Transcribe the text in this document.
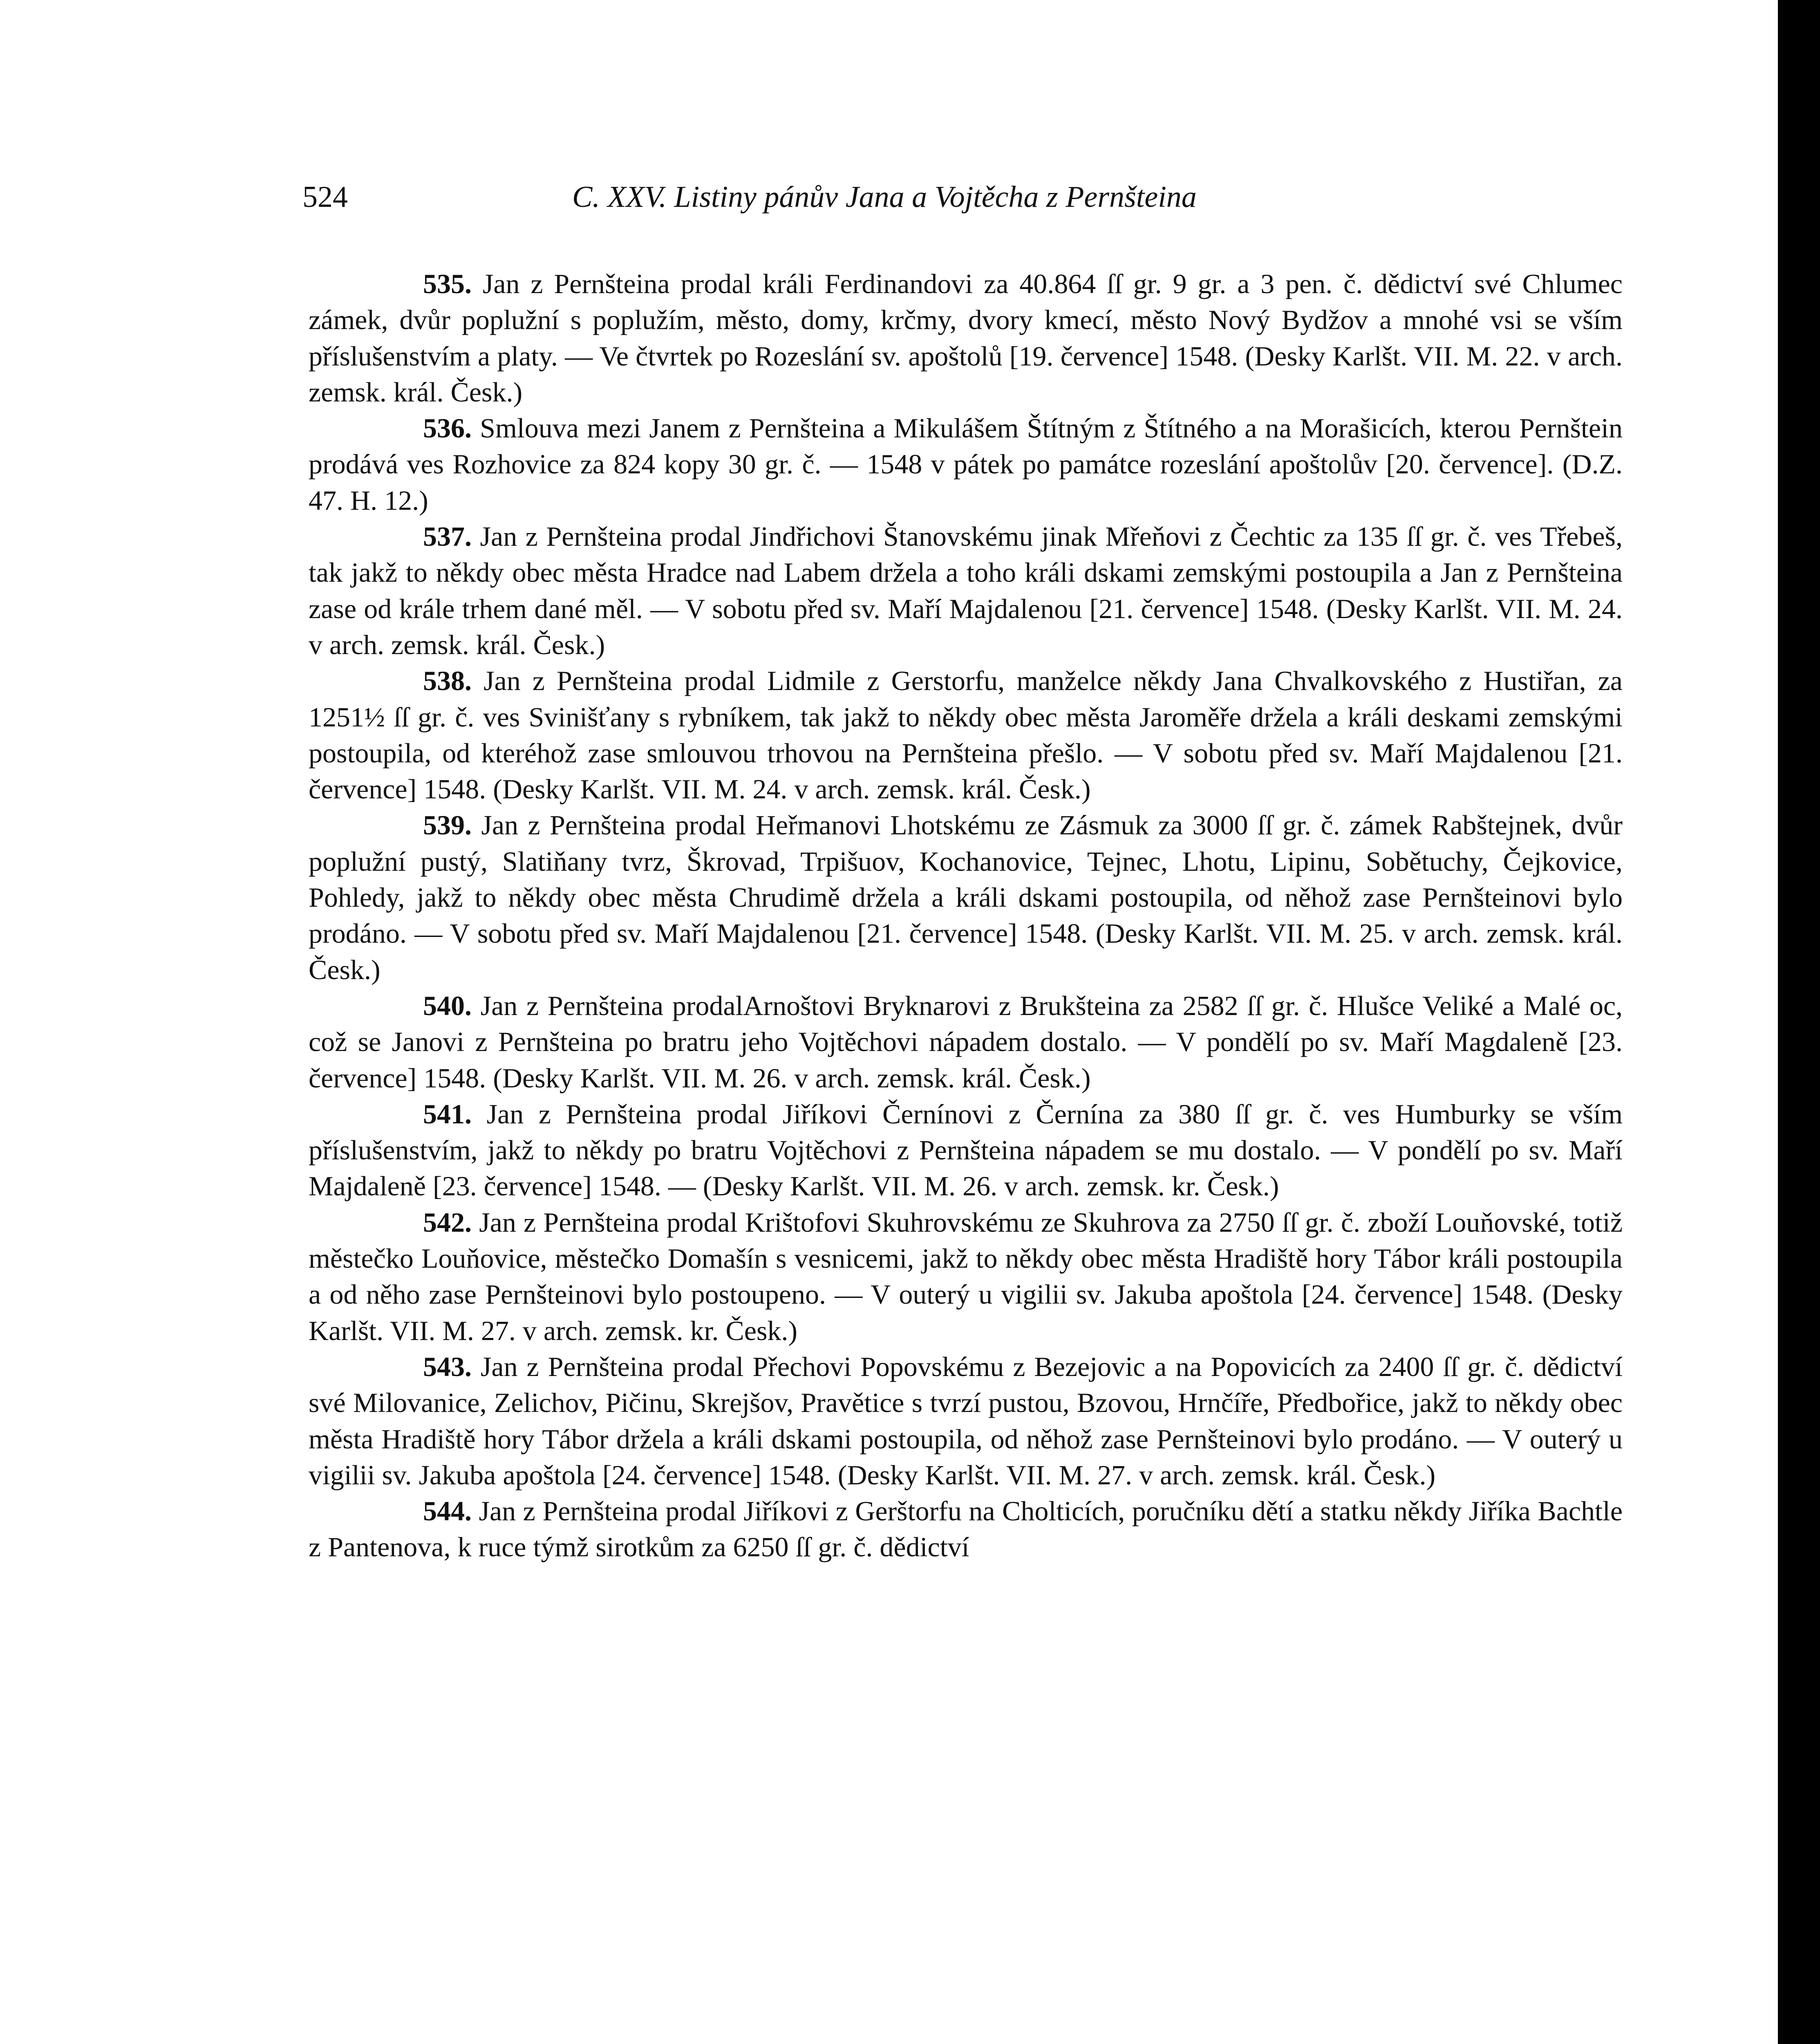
524	C. XXV. Listiny pánův Jana a Vojtěcha z Pernšteina

535. Jan z Pernšteina prodal králi Ferdinandovi za 40.864 ſſ gr. 9 gr. a 3 pen. č. dědictví své Chlumec zámek, dvůr poplužní s poplužím, město, domy, krčmy, dvory kmecí, město Nový Bydžov a mnohé vsi se vším příslušenstvím a platy. — Ve čtvrtek po Rozeslání sv. apoštolů [19. července] 1548. (Desky Karlšt. VII. M. 22. v arch. zemsk. král. Česk.)

536. Smlouva mezi Janem z Pernšteina a Mikulášem Štítným z Štítného a na Morašicích, kterou Pernštein prodává ves Rozhovice za 824 kopy 30 gr. č. — 1548 v pátek po památce rozeslání apoštolův [20. července]. (D.Z. 47. H. 12.)

537. Jan z Pernšteina prodal Jindřichovi Štanovskému jinak Mřeňovi z Čechtic za 135 ſſ gr. č. ves Třebeš, tak jakž to někdy obec města Hradce nad Labem držela a toho králi dskami zemskými postoupila a Jan z Pernšteina zase od krále trhem dané měl. — V sobotu před sv. Maří Majdalenou [21. července] 1548. (Desky Karlšt. VII. M. 24. v arch. zemsk. král. Česk.)

538. Jan z Pernšteina prodal Lidmile z Gerstorfu, manželce někdy Jana Chvalkovského z Hustiřan, za 1251½ ſſ gr. č. ves Svinišťany s rybníkem, tak jakž to někdy obec města Jaroměře držela a králi deskami zemskými postoupila, od kteréhož zase smlouvou trhovou na Pernšteina přešlo. — V sobotu před sv. Maří Majdalenou [21. července] 1548. (Desky Karlšt. VII. M. 24. v arch. zemsk. král. Česk.)

539. Jan z Pernšteina prodal Heřmanovi Lhotskému ze Zásmuk za 3000 ſſ gr. č. zámek Rabštejnek, dvůr poplužní pustý, Slatiňany tvrz, Škrovad, Trpišuov, Kochanovice, Tejnec, Lhotu, Lipinu, Sobětuchy, Čejkovice, Pohledy, jakž to někdy obec města Chrudimě držela a králi dskami postoupila, od něhož zase Pernšteinovi bylo prodáno. — V sobotu před sv. Maří Majdalenou [21. července] 1548. (Desky Karlšt. VII. M. 25. v arch. zemsk. král. Česk.)

540. Jan z Pernšteina prodalArnoštovi Bryknarovi z Brukšteina za 2582 ſſ gr. č. Hlušce Veliké a Malé oc, což se Janovi z Pernšteina po bratru jeho Vojtěchovi nápadem dostalo. — V pondělí po sv. Maří Magdaleně [23. července] 1548. (Desky Karlšt. VII. M. 26. v arch. zemsk. král. Česk.)

541. Jan z Pernšteina prodal Jiříkovi Černínovi z Černína za 380 ſſ gr. č. ves Humburky se vším příslušenstvím, jakž to někdy po bratru Vojtěchovi z Pernšteina nápadem se mu dostalo. — V pondělí po sv. Maří Majdaleně [23. července] 1548. — (Desky Karlšt. VII. M. 26. v arch. zemsk. kr. Česk.)

542. Jan z Pernšteina prodal Krištofovi Skuhrovskému ze Skuhrova za 2750 ſſ gr. č. zboží Louňovské, totiž městečko Louňovice, městečko Domašín s vesnicemi, jakž to někdy obec města Hradiště hory Tábor králi postoupila a od něho zase Pernšteinovi bylo postoupeno. — V outerý u vigilii sv. Jakuba apoštola [24. července] 1548. (Desky Karlšt. VII. M. 27. v arch. zemsk. kr. Česk.)

543. Jan z Pernšteina prodal Přechovi Popovskému z Bezejovic a na Popovicích za 2400 ſſ gr. č. dědictví své Milovanice, Zelichov, Pičinu, Skrejšov, Pravětice s tvrzí pustou, Bzovou, Hrnčíře, Předbořice, jakž to někdy obec města Hradiště hory Tábor držela a králi dskami postoupila, od něhož zase Pernšteinovi bylo prodáno. — V outerý u vigilii sv. Jakuba apoštola [24. července] 1548. (Desky Karlšt. VII. M. 27. v arch. zemsk. král. Česk.)

544. Jan z Pernšteina prodal Jiříkovi z Gerštorfu na Cholticích, poručníku dětí a statku někdy Jiříka Bachtle z Pantenova, k ruce týmž sirotkům za 6250 ſſ gr. č. dědictví
